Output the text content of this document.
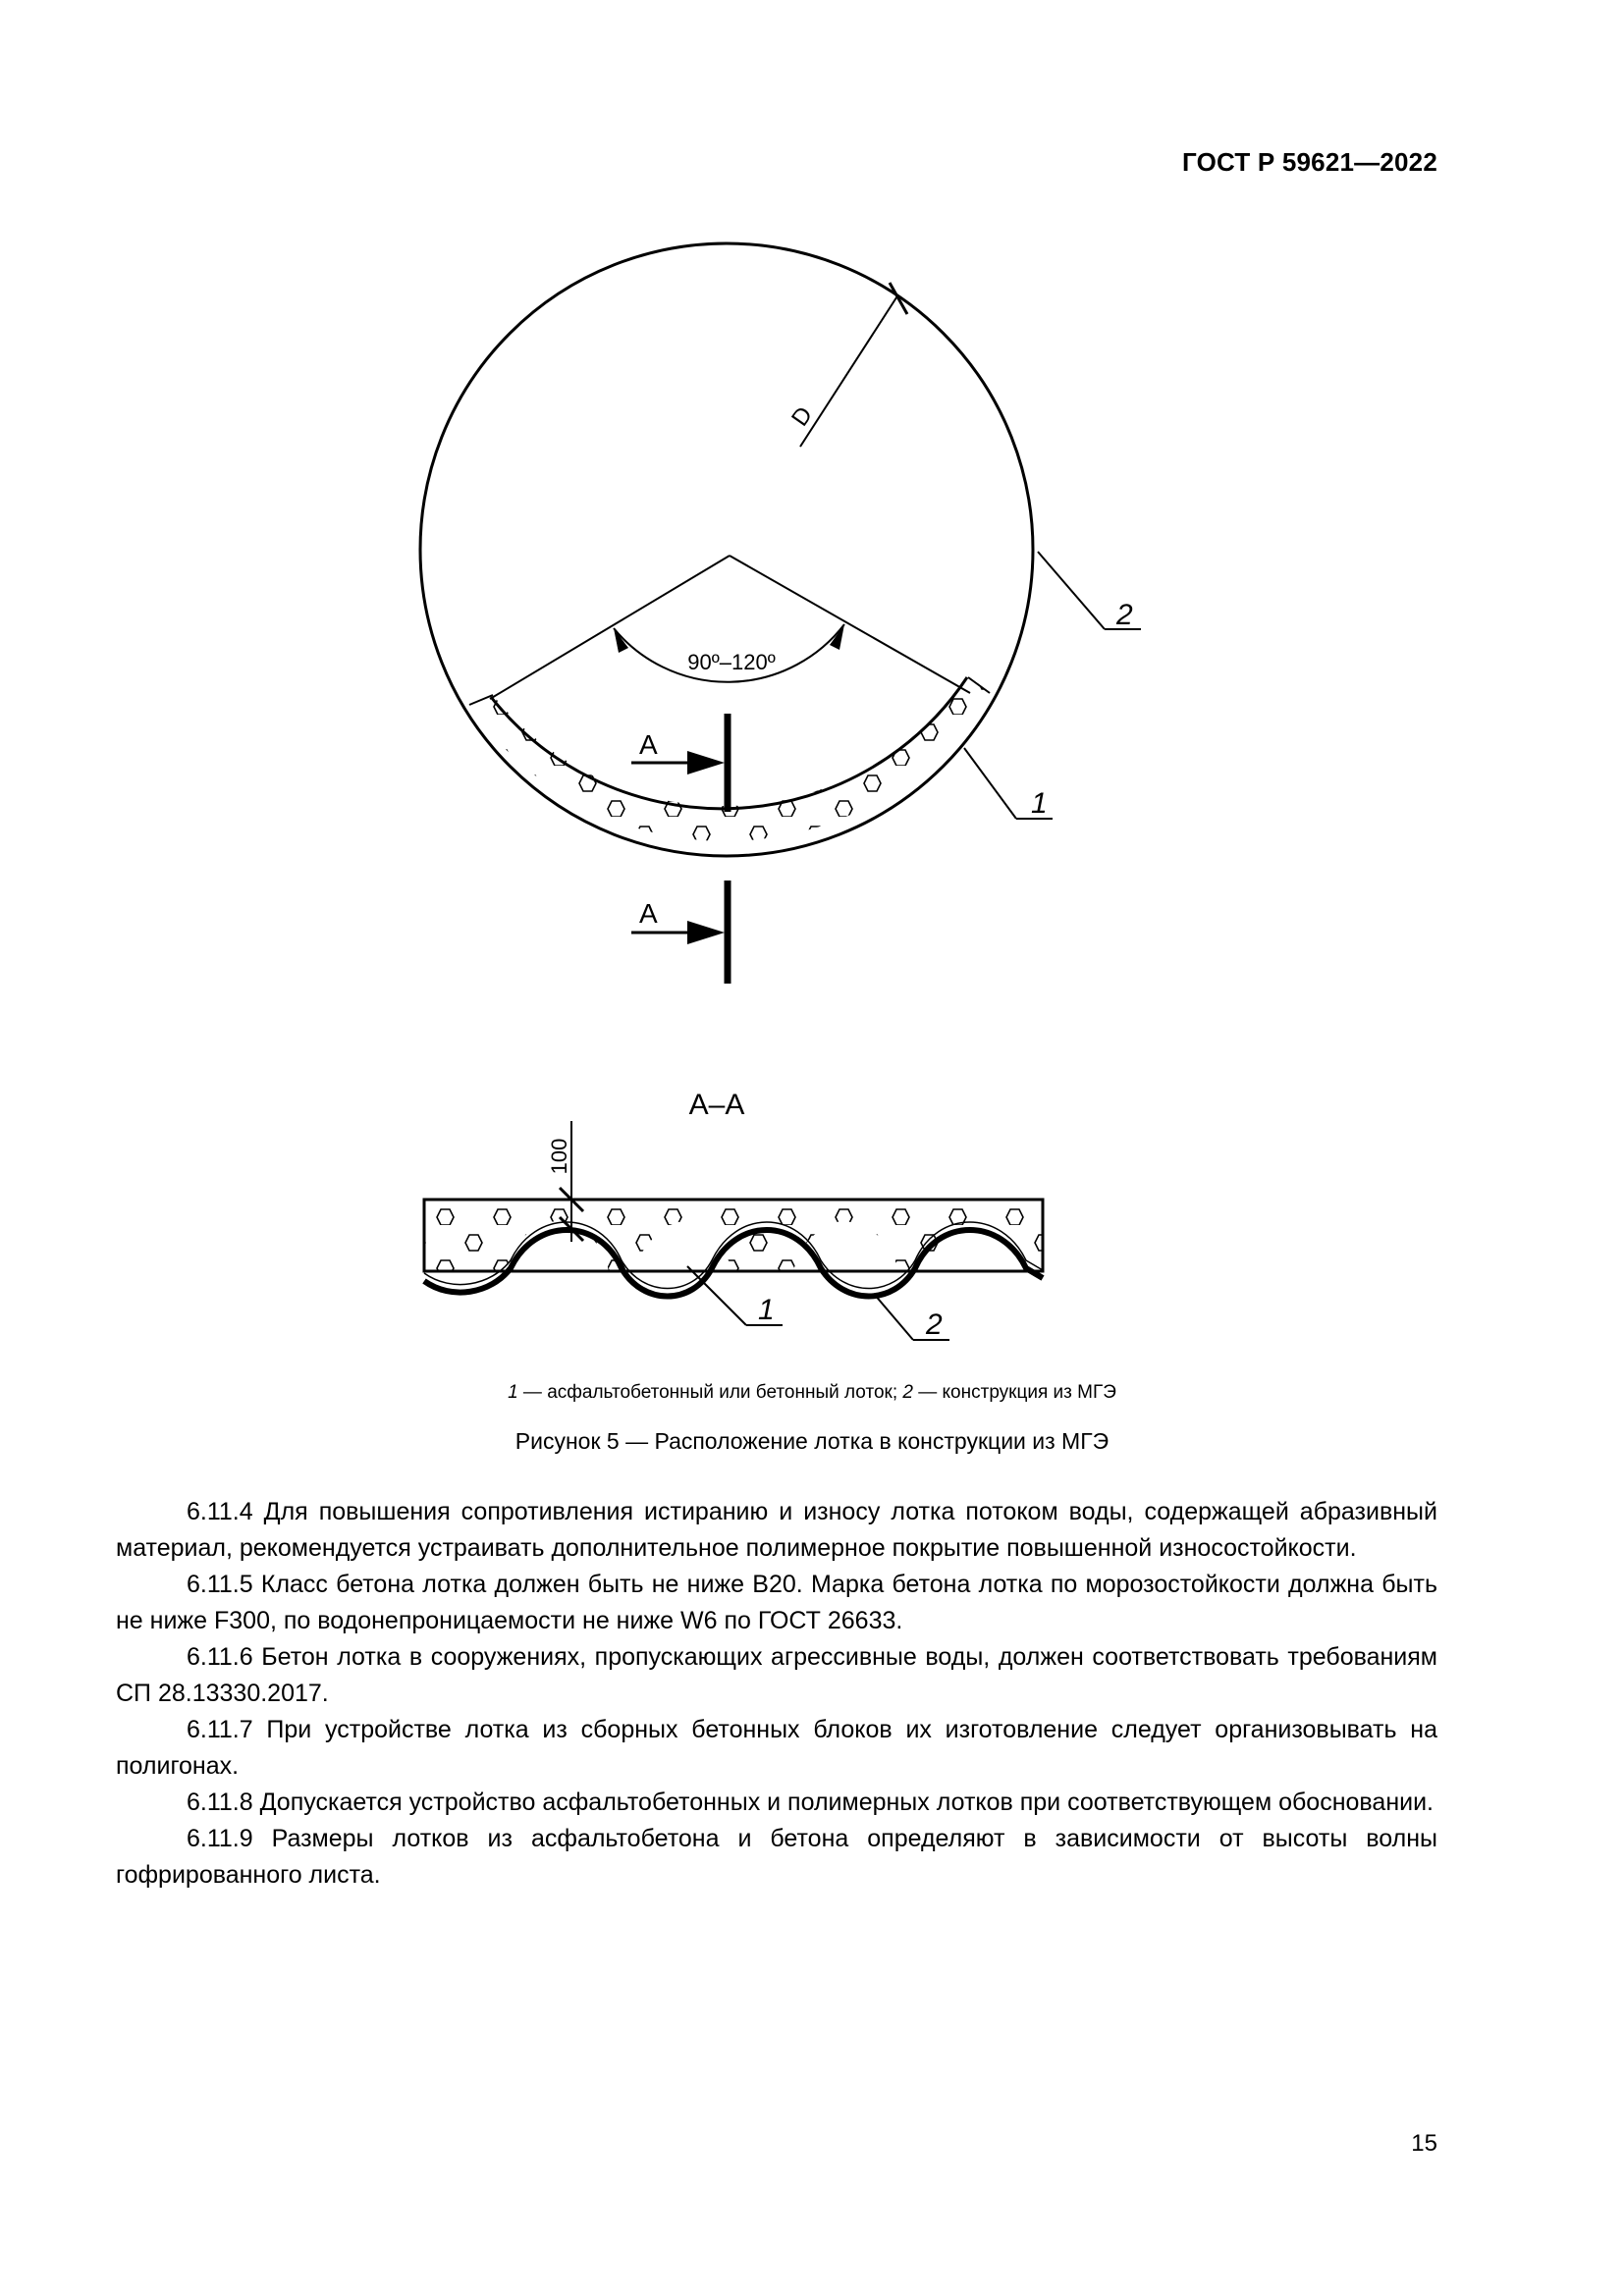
ГОСТ Р 59621—2022
90º–120º
D
2
1
А
А
А–А
100
1	2
1 — асфальтобетонный или бетонный лоток; 2 — конструкция из МГЭ
Рисунок 5 — Расположение лотка в конструкции из МГЭ

6.11.4 Для повышения сопротивления истиранию и износу лотка потоком воды, содержащей абразивный материал, рекомендуется устраивать дополнительное полимерное покрытие повышенной износостойкости.

6.11.5 Класс бетона лотка должен быть не ниже В20. Марка бетона лотка по морозостойкости должна быть не ниже F300, по водонепроницаемости не ниже W6 по ГОСТ 26633.

6.11.6 Бетон лотка в сооружениях, пропускающих агрессивные воды, должен соответствовать требованиям СП 28.13330.2017.

6.11.7 При устройстве лотка из сборных бетонных блоков их изготовление следует организовывать на полигонах.

6.11.8 Допускается устройство асфальтобетонных и полимерных лотков при соответствующем обосновании.

6.11.9 Размеры лотков из асфальтобетона и бетона определяют в зависимости от высоты волны гофрированного листа.

15
